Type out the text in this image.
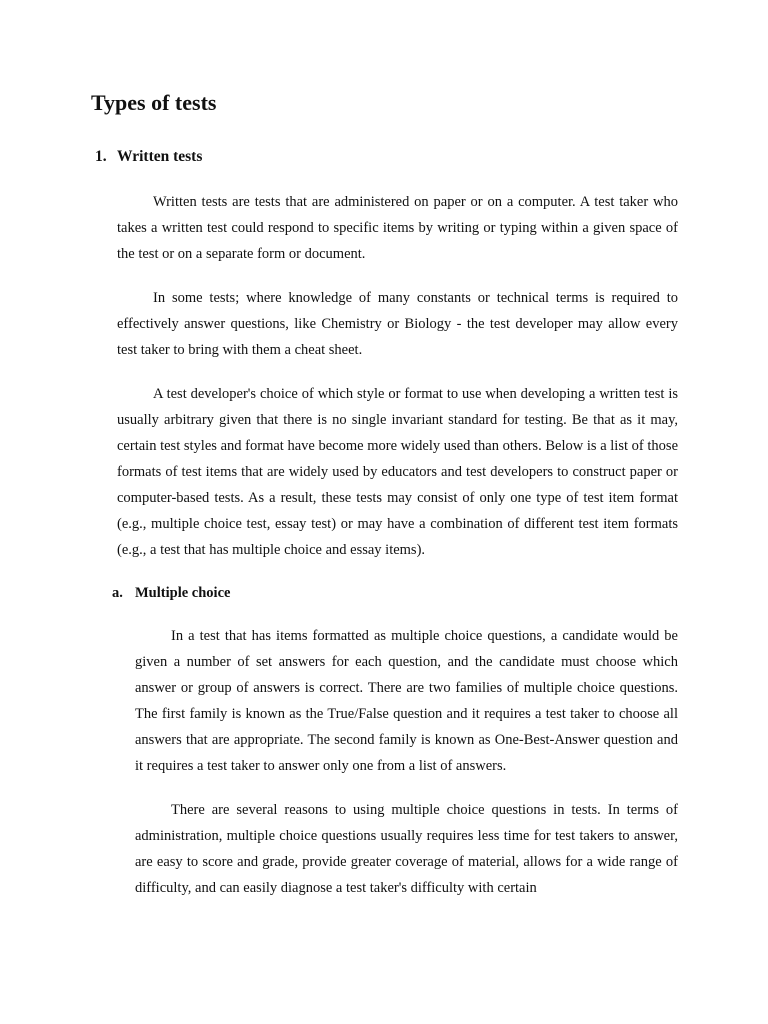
Types of tests
1. Written tests

Written tests are tests that are administered on paper or on a computer. A test taker who takes a written test could respond to specific items by writing or typing within a given space of the test or on a separate form or document.

In some tests; where knowledge of many constants or technical terms is required to effectively answer questions, like Chemistry or Biology - the test developer may allow every test taker to bring with them a cheat sheet.

A test developer's choice of which style or format to use when developing a written test is usually arbitrary given that there is no single invariant standard for testing. Be that as it may, certain test styles and format have become more widely used than others. Below is a list of those formats of test items that are widely used by educators and test developers to construct paper or computer-based tests. As a result, these tests may consist of only one type of test item format (e.g., multiple choice test, essay test) or may have a combination of different test item formats (e.g., a test that has multiple choice and essay items).

a. Multiple choice

In a test that has items formatted as multiple choice questions, a candidate would be given a number of set answers for each question, and the candidate must choose which answer or group of answers is correct. There are two families of multiple choice questions. The first family is known as the True/False question and it requires a test taker to choose all answers that are appropriate. The second family is known as One-Best-Answer question and it requires a test taker to answer only one from a list of answers.

There are several reasons to using multiple choice questions in tests. In terms of administration, multiple choice questions usually requires less time for test takers to answer, are easy to score and grade, provide greater coverage of material, allows for a wide range of difficulty, and can easily diagnose a test taker's difficulty with certain
